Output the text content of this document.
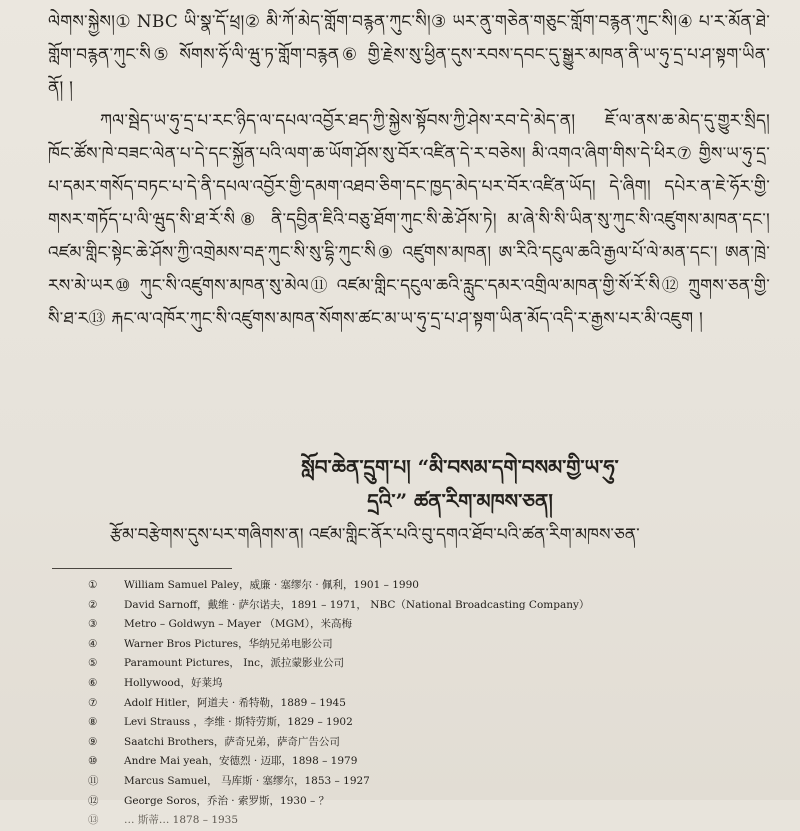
ལེགས་སྐྱེས།① NBC ཡི་སྣ་དོ་ཕྲ།② མི་ཀོ་མེད་གློག་བརྙན་ཀུང་སི།③ ཡར་ནུ་གཅེན་གཅུང་གློག་བརྙན་ཀུང་སི།④ པ་ར་མོན་ཐེ་གློག་བརྙན་ཀུང་སི⑤ སོགས་ཧོ་ལི་ཝུ་ཏ་གློག་བརྙན⑥ གྱི་རྗེས་སུ་ཕྱིན་དུས་རབས་དབང་དུ་སྒྱུར་མཁན་ནི་ཡ་ཧུ་དྲ་པ་ཤ་སྟག་ཡིན་ནོ། །

ཀལ་སྦེད་ཡ་ཧུ་དྲ་པ་རང་ཉིད་ལ་དཔལ་འབྱོར་ཐད་ཀྱི་སྐྱེས་སྟོབས་ཀྱི་ཤེས་རབ་དེ་མེད་ན། ཇོ་ལ་ནས་ཆ་མེད་དུ་གྱུར་སྲིད། ཁོང་ཚོས་ཁེ་བཟང་ལེན་པ་དེ་དང་སྐྱོན་པའི་ལག་ཆ་ཡོག་ཤོས་སུ་བོར་འཛིན་དེ་ར་བཅེས། མི་འགའ་ཞིག་གིས་དེ་ཕིར⑦ གྱིས་ཡ་ཧུ་དྲ་པ་དམར་གསོད་བཏང་པ་དེ་ནི་དཔལ་འབྱོར་གྱི་དམག་འཐབ་ཅིག་དང་ཁྱད་མེད་པར་བོར་འཛིན་ཡོད། དེ་ཞིག། དཔེར་ན་ཇེ་ཧོར་གྱི་གསར་གཏོད་པ་ལི་ཝུད་སི་ཐ་རོ་སི⑧ ནི་དབྱིན་ཇིའི་བཅུ་ཐོག་ཀུང་སི་ཆེ་ཤོས་ཏེ། མ་ཞེ་སི་སི་ཡིན་སུ་ཀུང་སི་འཛུགས་མཁན་དང་། འཛམ་གླིང་སྟེང་ཆེ་ཤོས་ཀྱི་འགྲེམས་བརྡ་ཀུང་སི་སུ་དྷི་ཀུང་སི⑨ འཛུགས་མཁན། ཨ་རིའི་དངུལ་ཆའི་རྒྱལ་པོ་ལེ་མན་དང་། ཨན་ཁྲེ་རས་མེ་ཡར⑩ ཀུང་སི་འཛུགས་མཁན་སུ་མེལ⑪ འཛམ་གླིང་དངུལ་ཆའི་རླུང་དམར་འགྲིལ་མཁན་གྱི་སོ་རོ་སི⑫ ཀྲུགས་ཅན་གྱི་སི་ཐ་ར⑬ རྐང་ལ་འཁོར་ཀུང་སི་འཛུགས་མཁན་སོགས་ཚང་མ་ཡ་ཧུ་དྲ་པ་ཤ་སྟག་ཡིན་མོད་འདི་ར་རྒྱས་པར་མི་འཇུག །

སློབ་ཆེན་དྲུག་པ། “མི་བསམ་དགེ་བསམ་གྱི་ཡ་ཧུ་
དྲའི་” ཚན་རིག་མཁས་ཅན།
རྩོམ་བརྩེགས་དུས་པར་གཞིགས་ན། འཛམ་གླིང་ནོར་པའི་བུ་དགའ་ཐོབ་པའི་ཚན་རིག་མཁས་ཅན་
①	William Samuel Paley，威廉 · 塞缪尔 · 佩利，1901 – 1990
②	David Sarnoff，戴维 · 萨尔诺夫，1891 – 1971， NBC（National Broadcasting Company）
③	Metro – Goldwyn – Mayer （MGM），米高梅
④	Warner Bros Pictures，华纳兄弟电影公司
⑤	Paramount Pictures， Inc，派拉蒙影业公司
⑥	Hollywood，好莱坞
⑦	Adolf Hitler，阿道夫 · 希特勒，1889 – 1945
⑧	Levi Strauss ，李维 · 斯特劳斯，1829 – 1902
⑨	Saatchi Brothers，萨奇兄弟，萨奇广告公司
⑩	Andre Mai yeah，安德烈 · 迈耶，1898 – 1979
⑪ Marcus Samuel， 马库斯 · 塞缪尔，1853 – 1927
⑫ George Soros，乔治 · 索罗斯，1930 – ？
⑬ … 斯蒂… 1878 – 1935
